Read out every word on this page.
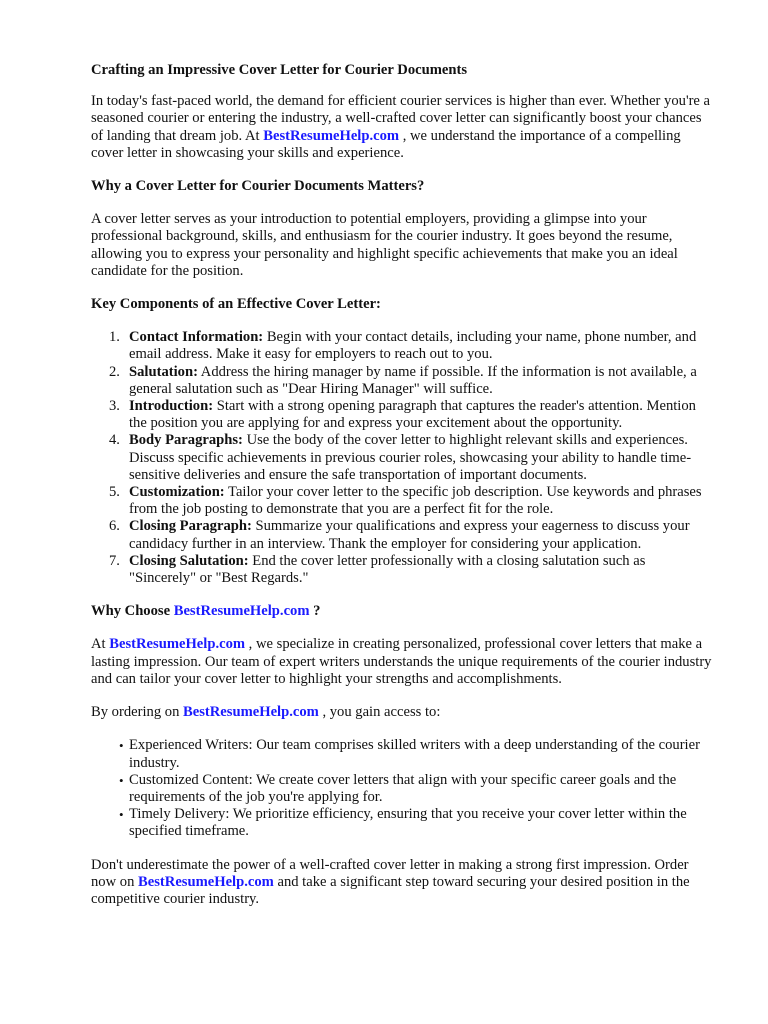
Crafting an Impressive Cover Letter for Courier Documents

In today's fast-paced world, the demand for efficient courier services is higher than ever. Whether you're a seasoned courier or entering the industry, a well-crafted cover letter can significantly boost your chances of landing that dream job. At BestResumeHelp.com , we understand the importance of a compelling cover letter in showcasing your skills and experience.

Why a Cover Letter for Courier Documents Matters?

A cover letter serves as your introduction to potential employers, providing a glimpse into your professional background, skills, and enthusiasm for the courier industry. It goes beyond the resume, allowing you to express your personality and highlight specific achievements that make you an ideal candidate for the position.

Key Components of an Effective Cover Letter:
1. Contact Information: Begin with your contact details, including your name, phone number, and email address. Make it easy for employers to reach out to you.
2. Salutation: Address the hiring manager by name if possible. If the information is not available, a general salutation such as "Dear Hiring Manager" will suffice.
3. Introduction: Start with a strong opening paragraph that captures the reader's attention. Mention the position you are applying for and express your excitement about the opportunity.
4. Body Paragraphs: Use the body of the cover letter to highlight relevant skills and experiences. Discuss specific achievements in previous courier roles, showcasing your ability to handle time-sensitive deliveries and ensure the safe transportation of important documents.
5. Customization: Tailor your cover letter to the specific job description. Use keywords and phrases from the job posting to demonstrate that you are a perfect fit for the role.
6. Closing Paragraph: Summarize your qualifications and express your eagerness to discuss your candidacy further in an interview. Thank the employer for considering your application.
7. Closing Salutation: End the cover letter professionally with a closing salutation such as "Sincerely" or "Best Regards."
Why Choose BestResumeHelp.com ?

At BestResumeHelp.com , we specialize in creating personalized, professional cover letters that make a lasting impression. Our team of expert writers understands the unique requirements of the courier industry and can tailor your cover letter to highlight your strengths and accomplishments.

By ordering on BestResumeHelp.com , you gain access to:

• Experienced Writers: Our team comprises skilled writers with a deep understanding of the courier industry.
• Customized Content: We create cover letters that align with your specific career goals and the requirements of the job you're applying for.
• Timely Delivery: We prioritize efficiency, ensuring that you receive your cover letter within the specified timeframe.

Don't underestimate the power of a well-crafted cover letter in making a strong first impression. Order now on BestResumeHelp.com and take a significant step toward securing your desired position in the competitive courier industry.
